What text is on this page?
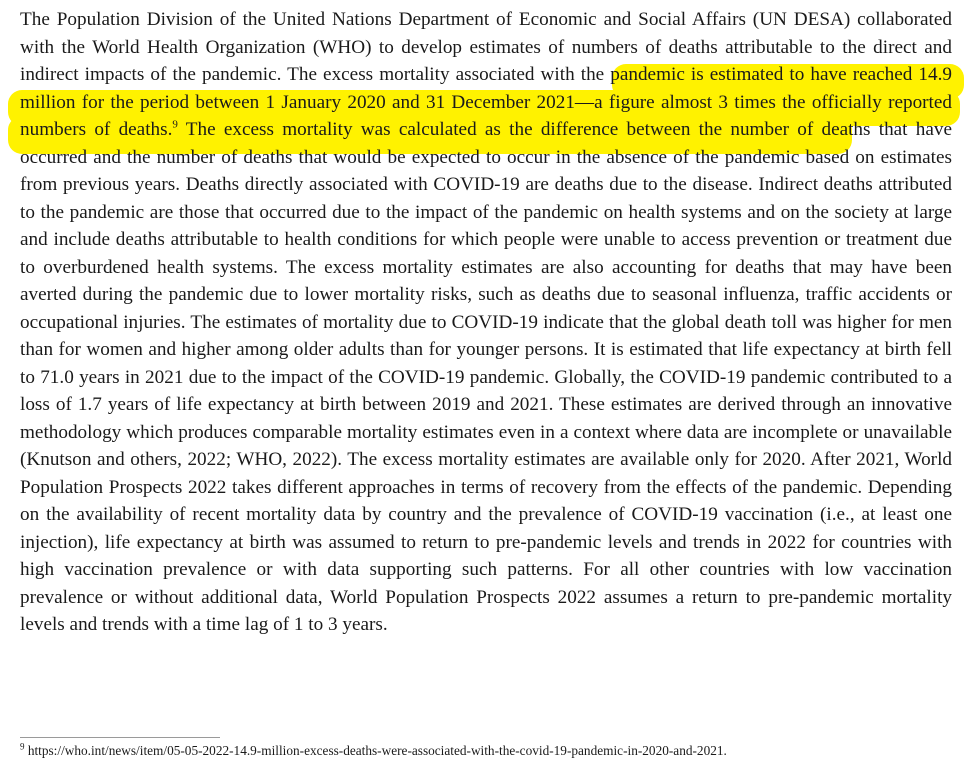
The Population Division of the United Nations Department of Economic and Social Affairs (UN DESA) collaborated with the World Health Organization (WHO) to develop estimates of numbers of deaths attributable to the direct and indirect impacts of the pandemic. The excess mortality associated with the pandemic is estimated to have reached 14.9 million for the period between 1 January 2020 and 31 December 2021—a figure almost 3 times the officially reported numbers of deaths.$^9$ The excess mortality was calculated as the difference between the number of deaths that have occurred and the number of deaths that would be expected to occur in the absence of the pandemic based on estimates from previous years. Deaths directly associated with COVID-19 are deaths due to the disease. Indirect deaths attributed to the pandemic are those that occurred due to the impact of the pandemic on health systems and on the society at large and include deaths attributable to health conditions for which people were unable to access prevention or treatment due to overburdened health systems. The excess mortality estimates are also accounting for deaths that may have been averted during the pandemic due to lower mortality risks, such as deaths due to seasonal influenza, traffic accidents or occupational injuries. The estimates of mortality due to COVID-19 indicate that the global death toll was higher for men than for women and higher among older adults than for younger persons. It is estimated that life expectancy at birth fell to 71.0 years in 2021 due to the impact of the COVID-19 pandemic. Globally, the COVID-19 pandemic contributed to a loss of 1.7 years of life expectancy at birth between 2019 and 2021. These estimates are derived through an innovative methodology which produces comparable mortality estimates even in a context where data are incomplete or unavailable (Knutson and others, 2022; WHO, 2022). The excess mortality estimates are available only for 2020. After 2021, World Population Prospects 2022 takes different approaches in terms of recovery from the effects of the pandemic. Depending on the availability of recent mortality data by country and the prevalence of COVID-19 vaccination (i.e., at least one injection), life expectancy at birth was assumed to return to pre-pandemic levels and trends in 2022 for countries with high vaccination prevalence or with data supporting such patterns. For all other countries with low vaccination prevalence or without additional data, World Population Prospects 2022 assumes a return to pre-pandemic mortality levels and trends with a time lag of 1 to 3 years.
$^9$ https://who.int/news/item/05-05-2022-14.9-million-excess-deaths-were-associated-with-the-covid-19-pandemic-in-2020-and-2021.
